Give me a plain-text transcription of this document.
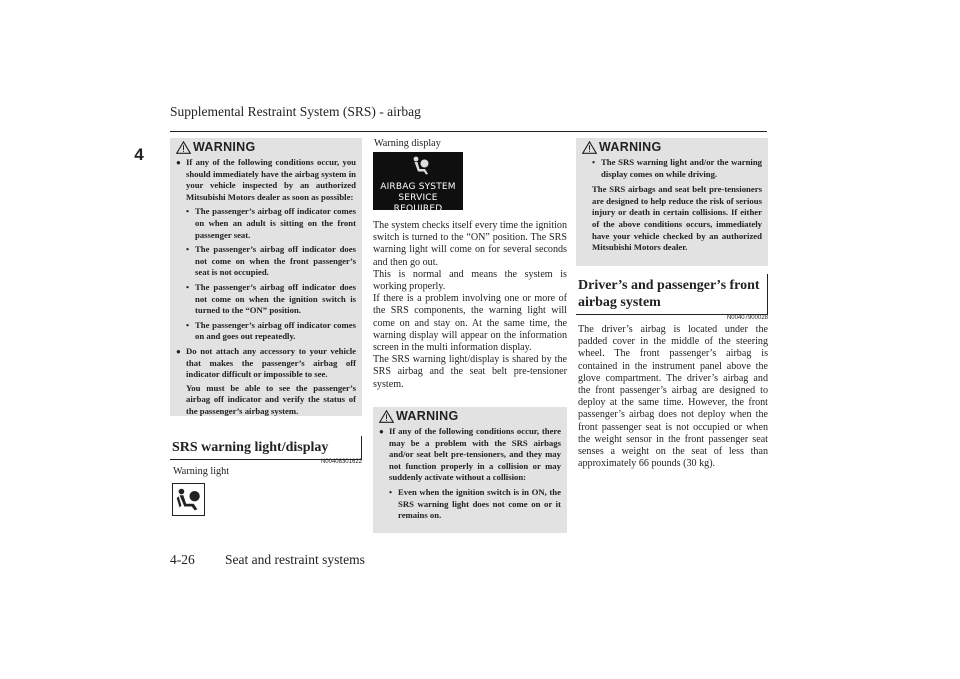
Supplemental Restraint System (SRS) - airbag
4
4-26 Seat and restraint systems
WARNING
● If any of the following conditions occur, you should immediately have the airbag system in your vehicle inspected by an authorized Mitsubishi Motors dealer as soon as possible:
• The passenger’s airbag off indicator comes on when an adult is sitting on the front passenger seat.
• The passenger’s airbag off indicator does not come on when the front passenger’s seat is not occupied.
• The passenger’s airbag off indicator does not come on when the ignition switch is turned to the “ON” position.
• The passenger’s airbag off indicator comes on and goes out repeatedly.
● Do not attach any accessory to your vehicle that makes the passenger’s airbag off indicator difficult or impossible to see.
You must be able to see the passenger’s airbag off indicator and verify the status of the passenger’s airbag system.
SRS warning light/display
N00408301622
Warning light
Warning display
AIRBAG SYSTEM
SERVICE REQUIRED
The system checks itself every time the ignition switch is turned to the “ON” position. The SRS warning light will come on for several seconds and then go out.
This is normal and means the system is working properly.
If there is a problem involving one or more of the SRS components, the warning light will come on and stay on. At the same time, the warning display will appear on the information screen in the multi information display.
The SRS warning light/display is shared by the SRS airbag and the seat belt pre-tensioner system.
WARNING
● If any of the following conditions occur, there may be a problem with the SRS airbags and/or seat belt pre-tensioners, and they may not function properly in a collision or may suddenly activate without a collision:
• Even when the ignition switch is in ON, the SRS warning light does not come on or it remains on.
WARNING
• The SRS warning light and/or the warning display comes on while driving.
The SRS airbags and seat belt pre-tensioners are designed to help reduce the risk of serious injury or death in certain collisions. If either of the above conditions occurs, immediately have your vehicle checked by an authorized Mitsubishi Motors dealer.
Driver’s and passenger’s front airbag system
N00407900028
The driver’s airbag is located under the padded cover in the middle of the steering wheel. The front passenger’s airbag is contained in the instrument panel above the glove compartment. The driver’s airbag and the front passenger’s airbag are designed to deploy at the same time. However, the front passenger’s airbag does not deploy when the front passenger seat is not occupied or when the weight sensor in the front passenger seat senses a weight on the seat of less than approximately 66 pounds (30 kg).
